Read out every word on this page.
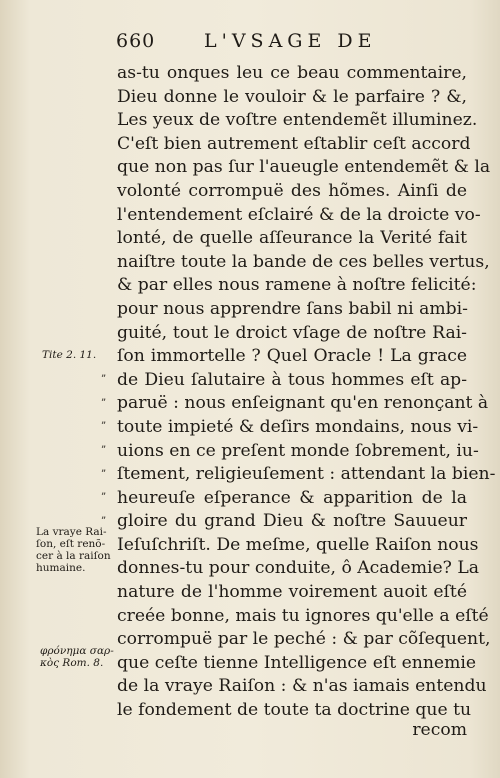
660	L'VSAGE DE
as-tu onques leu ce beau commentaire,
Dieu donne le vouloir & le parfaire ? &,
Les yeux de voſtre entendemẽt illuminez.
C'eſt bien autrement eſtablir ceſt accord
que non pas ſur l'aueugle entendemẽt & la
volonté corrompuë des hõmes. Ainſi de
l'entendement eſclairé & de la droicte vo-
lonté, de quelle aſſeurance la Verité fait
naiſtre toute la bande de ces belles vertus,
& par elles nous ramene à noſtre felicité:
pour nous apprendre ſans babil ni ambi-
guité, tout le droict vſage de noſtre Rai-
ſon immortelle ? Quel Oracle ! La grace
de Dieu ſalutaire à tous hommes eſt ap-
paruë : nous enſeignant qu'en renonçant à
toute impieté & deſirs mondains, nous vi-
uions en ce preſent monde ſobrement, iu-
ſtement, religieuſement : attendant la bien-
heureuſe eſperance & apparition de la
gloire du grand Dieu & noſtre Sauueur
Ieſuſchriſt. De meſme, quelle Raiſon nous
donnes-tu pour conduite, ô Academie? La
nature de l'homme voirement auoit eſté
creée bonne, mais tu ignores qu'elle a eſté
corrompuë par le peché : & par cõſequent,
que ceſte tienne Intelligence eſt ennemie
de la vraye Raiſon : & n'as iamais entendu
le fondement de toute ta doctrine que tu
”
”
”
”
”
”
”
Tite 2. 11.
La vraye Rai-
ſon, eſt renõ-
cer à la raiſon
humaine.
φρόνημα σαρ-
κὸς Rom. 8.
recom
